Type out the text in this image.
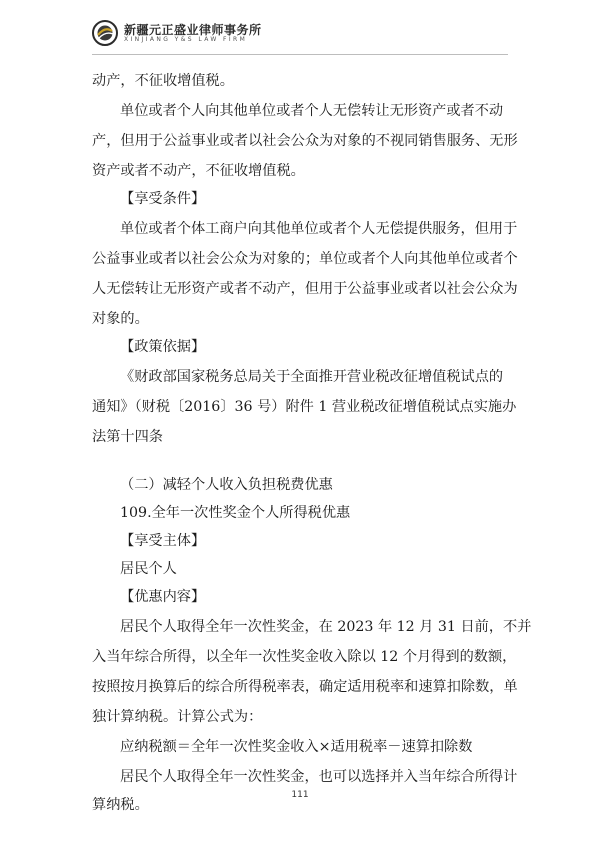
新疆元正盛业律师事务所
XINJIANG Y&S LAW FIRM
动产，不征收增值税。
单位或者个人向其他单位或者个人无偿转让无形资产或者不动
产，但用于公益事业或者以社会公众为对象的不视同销售服务、无形
资产或者不动产，不征收增值税。
【享受条件】
单位或者个体工商户向其他单位或者个人无偿提供服务，但用于
公益事业或者以社会公众为对象的；单位或者个人向其他单位或者个
人无偿转让无形资产或者不动产，但用于公益事业或者以社会公众为
对象的。
【政策依据】
《财政部国家税务总局关于全面推开营业税改征增值税试点的
通知》（财税〔2016〕36 号）附件 1 营业税改征增值税试点实施办
法第十四条
（二）减轻个人收入负担税费优惠
109.全年一次性奖金个人所得税优惠
【享受主体】
居民个人
【优惠内容】
居民个人取得全年一次性奖金，在 2023 年 12 月 31 日前，不并
入当年综合所得，以全年一次性奖金收入除以 12 个月得到的数额，
按照按月换算后的综合所得税率表，确定适用税率和速算扣除数，单
独计算纳税。计算公式为：
应纳税额＝全年一次性奖金收入×适用税率－速算扣除数
居民个人取得全年一次性奖金，也可以选择并入当年综合所得计
算纳税。
111
